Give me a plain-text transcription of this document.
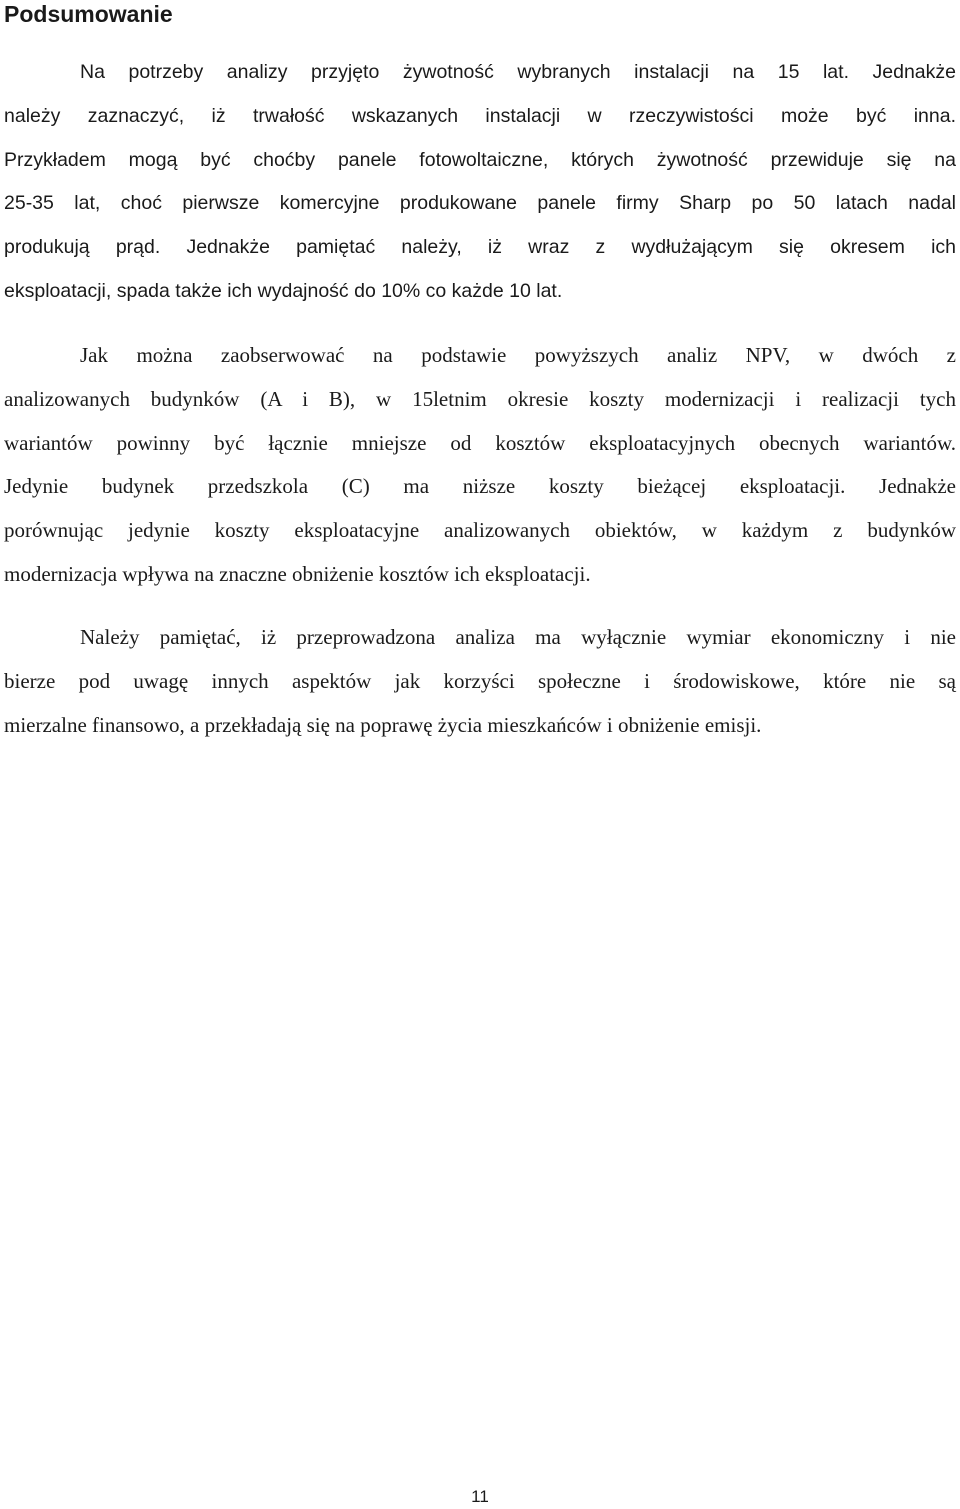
Podsumowanie
Na potrzeby analizy przyjęto żywotność wybranych instalacji na 15 lat. Jednakże
należy zaznaczyć, iż trwałość wskazanych instalacji w rzeczywistości może być inna.
Przykładem mogą być choćby panele fotowoltaiczne, których żywotność przewiduje się na
25-35 lat, choć pierwsze komercyjne produkowane panele firmy Sharp po 50 latach nadal
produkują prąd. Jednakże pamiętać należy, iż wraz z wydłużającym się okresem ich
eksploatacji, spada także ich wydajność do 10% co każde 10 lat.
Jak można zaobserwować na podstawie powyższych analiz NPV, w dwóch z
analizowanych budynków (A i B), w 15letnim okresie koszty modernizacji i realizacji tych
wariantów powinny być łącznie mniejsze od kosztów eksploatacyjnych obecnych wariantów.
Jedynie budynek przedszkola (C) ma niższe koszty bieżącej eksploatacji. Jednakże
porównując jedynie koszty eksploatacyjne analizowanych obiektów, w każdym z budynków
modernizacja wpływa na znaczne obniżenie kosztów ich eksploatacji.
Należy pamiętać, iż przeprowadzona analiza ma wyłącznie wymiar ekonomiczny i nie
bierze pod uwagę innych aspektów jak korzyści społeczne i środowiskowe, które nie są
mierzalne finansowo, a przekładają się na poprawę życia mieszkańców i obniżenie emisji.

11
